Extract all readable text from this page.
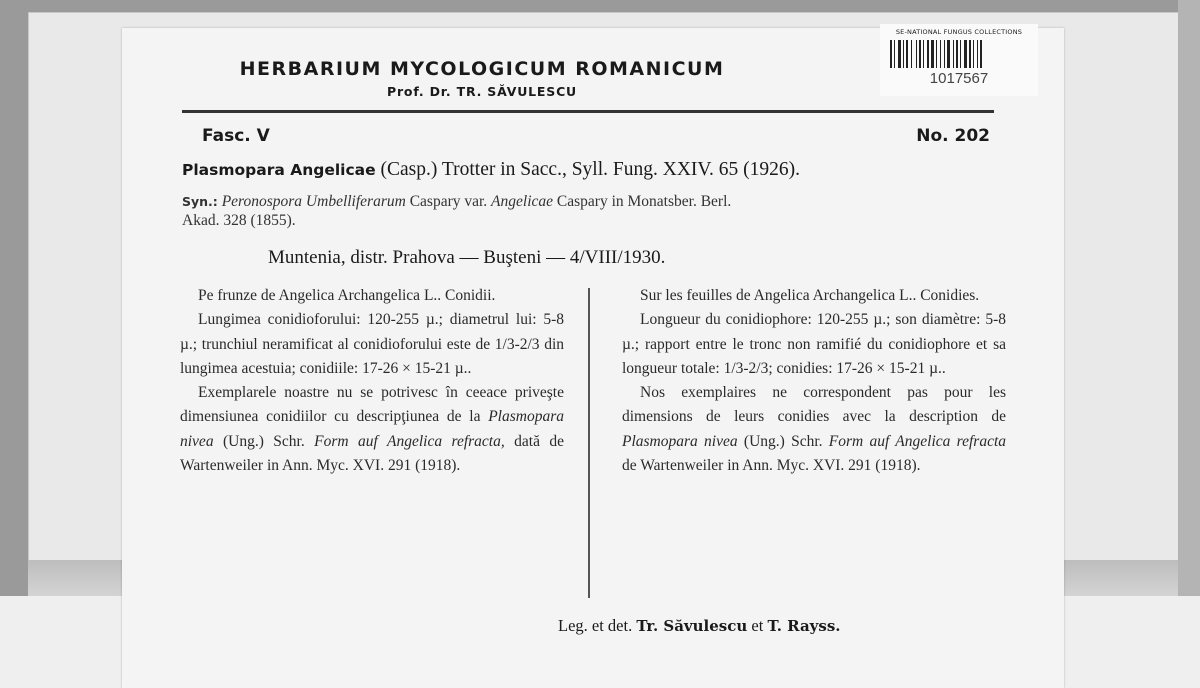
HERBARIUM MYCOLOGICUM ROMANICUM
Prof. Dr. TR. SĂVULESCU
SE-NATIONAL FUNGUS COLLECTIONS
1017567
Fasc. V	No. 202
Plasmopara Angelicae (Casp.) Trotter in Sacc., Syll. Fung. XXIV. 65 (1926).
Syn.: Peronospora Umbelliferarum Caspary var. Angelicae Caspary in Monatsber. Berl.
Akad. 328 (1855).
Muntenia, distr. Prahova — Buşteni — 4/VIII/1930.

Pe frunze de Angelica Archangelica L.. Conidii.

Lungimea conidioforului: 120-255 µ.; diametrul lui: 5-8 µ.; trunchiul neramificat al conidioforului este de 1/3-2/3 din lungimea acestuia; conidiile: 17-26 × 15-21 µ..

Exemplarele noastre nu se potrivesc în ceeace priveşte dimensiunea conidiilor cu descripţiunea de la Plasmopara nivea (Ung.) Schr. Form auf Angelica refracta, dată de Wartenweiler in Ann. Myc. XVI. 291 (1918).

Sur les feuilles de Angelica Archangelica L.. Conidies.

Longueur du conidiophore: 120-255 µ.; son diamètre: 5-8 µ.; rapport entre le tronc non ramifié du conidiophore et sa longueur totale: 1/3-2/3; conidies: 17-26 × 15-21 µ..

Nos exemplaires ne correspondent pas pour les dimensions de leurs conidies avec la description de Plasmopara nivea (Ung.) Schr. Form auf Angelica refracta de Wartenweiler in Ann. Myc. XVI. 291 (1918).

Leg. et det. Tr. Săvulescu et T. Rayss.
